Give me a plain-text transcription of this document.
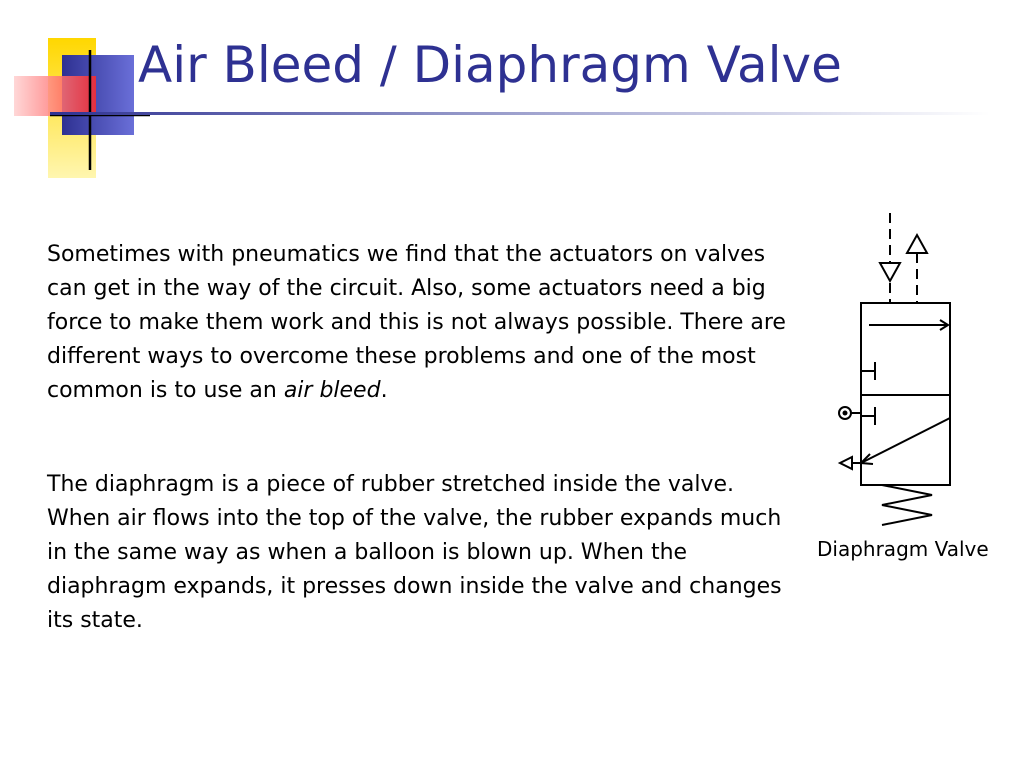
Air Bleed / Diaphragm Valve

Sometimes with pneumatics we find that the actuators on valves can get in the way of the circuit. Also, some actuators need a big force to make them work and this is not always possible. There are different ways to overcome these problems and one of the most common is to use an air bleed.

The diaphragm is a piece of rubber stretched inside the valve. When air flows into the top of the valve, the rubber expands much in the same way as when a balloon is blown up. When the diaphragm expands, it presses down inside the valve and changes its state.

Diaphragm Valve
